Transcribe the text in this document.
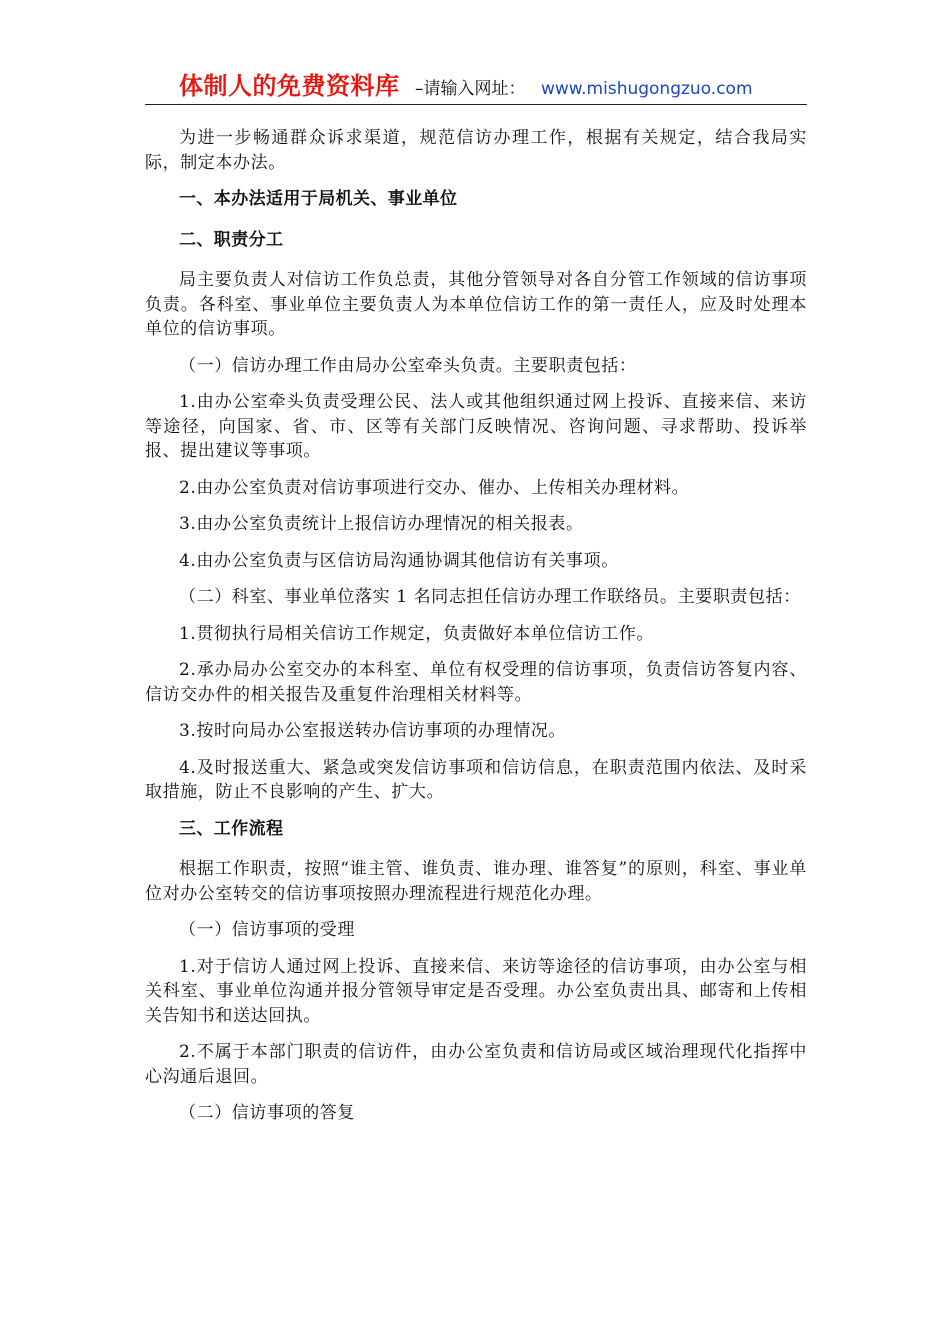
体制人的免费资料库 –请输入网址： www.mishugongzuo.com

为进一步畅通群众诉求渠道，规范信访办理工作，根据有关规定，结合我局实际，制定本办法。

一、本办法适用于局机关、事业单位

二、职责分工

局主要负责人对信访工作负总责，其他分管领导对各自分管工作领域的信访事项负责。各科室、事业单位主要负责人为本单位信访工作的第一责任人，应及时处理本单位的信访事项。

（一）信访办理工作由局办公室牵头负责。主要职责包括：

1.由办公室牵头负责受理公民、法人或其他组织通过网上投诉、直接来信、来访等途径，向国家、省、市、区等有关部门反映情况、咨询问题、寻求帮助、投诉举报、提出建议等事项。

2.由办公室负责对信访事项进行交办、催办、上传相关办理材料。

3.由办公室负责统计上报信访办理情况的相关报表。

4.由办公室负责与区信访局沟通协调其他信访有关事项。

（二）科室、事业单位落实 1 名同志担任信访办理工作联络员。主要职责包括：

1.贯彻执行局相关信访工作规定，负责做好本单位信访工作。

2.承办局办公室交办的本科室、单位有权受理的信访事项，负责信访答复内容、信访交办件的相关报告及重复件治理相关材料等。

3.按时向局办公室报送转办信访事项的办理情况。

4.及时报送重大、紧急或突发信访事项和信访信息，在职责范围内依法、及时采取措施，防止不良影响的产生、扩大。

三、工作流程

根据工作职责，按照“谁主管、谁负责、谁办理、谁答复”的原则，科室、事业单位对办公室转交的信访事项按照办理流程进行规范化办理。

（一）信访事项的受理

1.对于信访人通过网上投诉、直接来信、来访等途径的信访事项，由办公室与相关科室、事业单位沟通并报分管领导审定是否受理。办公室负责出具、邮寄和上传相关告知书和送达回执。

2.不属于本部门职责的信访件，由办公室负责和信访局或区域治理现代化指挥中心沟通后退回。

（二）信访事项的答复
